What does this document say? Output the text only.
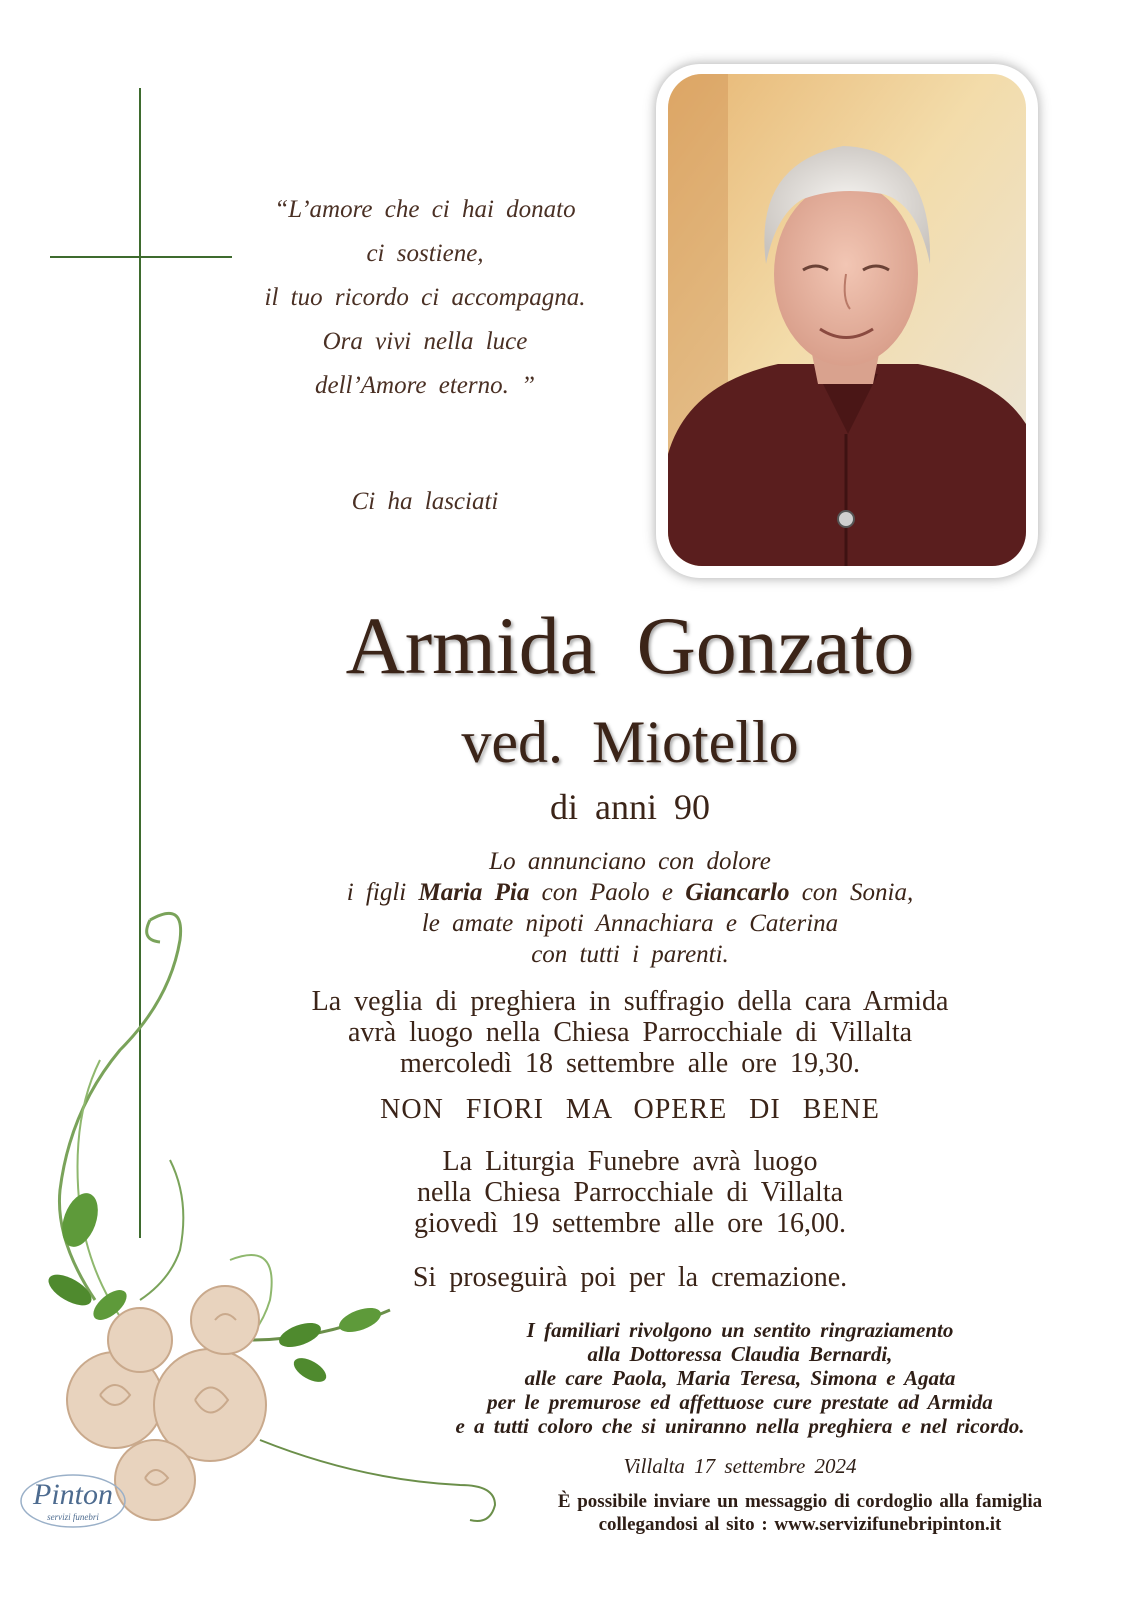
“L’amore che ci hai donato
ci sostiene,
il tuo ricordo ci accompagna.
Ora vivi nella luce
dell’Amore eterno. ”
Ci ha lasciati
Armida Gonzato
ved. Miotello
di anni 90
Lo annunciano con dolore
i figli Maria Pia con Paolo e Giancarlo con Sonia,
le amate nipoti Annachiara e Caterina
con tutti i parenti.
La veglia di preghiera in suffragio della cara Armida
avrà luogo nella Chiesa Parrocchiale di Villalta
mercoledì 18 settembre alle ore 19,30.
NON FIORI MA OPERE DI BENE
La Liturgia Funebre avrà luogo
nella Chiesa Parrocchiale di Villalta
giovedì 19 settembre alle ore 16,00.
Si proseguirà poi per la cremazione.
I familiari rivolgono un sentito ringraziamento
alla Dottoressa Claudia Bernardi,
alle care Paola, Maria Teresa, Simona e Agata
per le premurose ed affettuose cure prestate ad Armida
e a tutti coloro che si uniranno nella preghiera e nel ricordo.
Villalta 17 settembre 2024
È possibile inviare un messaggio di cordoglio alla famiglia
collegandosi al sito : www.servizifunebripinton.it
Pinton
servizi funebri
